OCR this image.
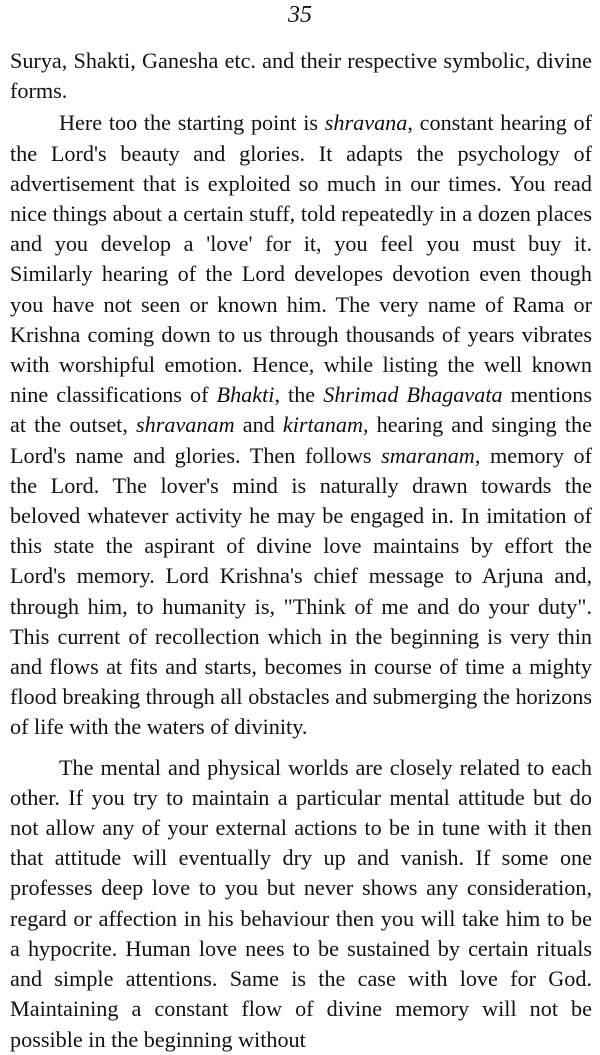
35

Surya, Shakti, Ganesha etc. and their respective symbolic, divine forms.

Here too the starting point is shravana, constant hearing of the Lord's beauty and glories. It adapts the psychology of advertisement that is exploited so much in our times. You read nice things about a certain stuff, told repeatedly in a dozen places and you develop a 'love' for it, you feel you must buy it. Similarly hearing of the Lord developes devotion even though you have not seen or known him. The very name of Rama or Krishna coming down to us through thousands of years vibrates with worshipful emotion. Hence, while listing the well known nine classifications of Bhakti, the Shrimad Bhagavata mentions at the outset, shravanam and kirtanam, hearing and singing the Lord's name and glories. Then follows smaranam, memory of the Lord. The lover's mind is naturally drawn towards the beloved whatever activity he may be engaged in. In imitation of this state the aspirant of divine love maintains by effort the Lord's memory. Lord Krishna's chief message to Arjuna and, through him, to humanity is, "Think of me and do your duty". This current of recollection which in the beginning is very thin and flows at fits and starts, becomes in course of time a mighty flood breaking through all obstacles and submerging the horizons of life with the waters of divinity.

The mental and physical worlds are closely related to each other. If you try to maintain a particular mental attitude but do not allow any of your external actions to be in tune with it then that attitude will eventually dry up and vanish. If some one professes deep love to you but never shows any consideration, regard or affection in his behaviour then you will take him to be a hypocrite. Human love nees to be sustained by certain rituals and simple attentions. Same is the case with love for God. Maintaining a constant flow of divine memory will not be possible in the beginning without
